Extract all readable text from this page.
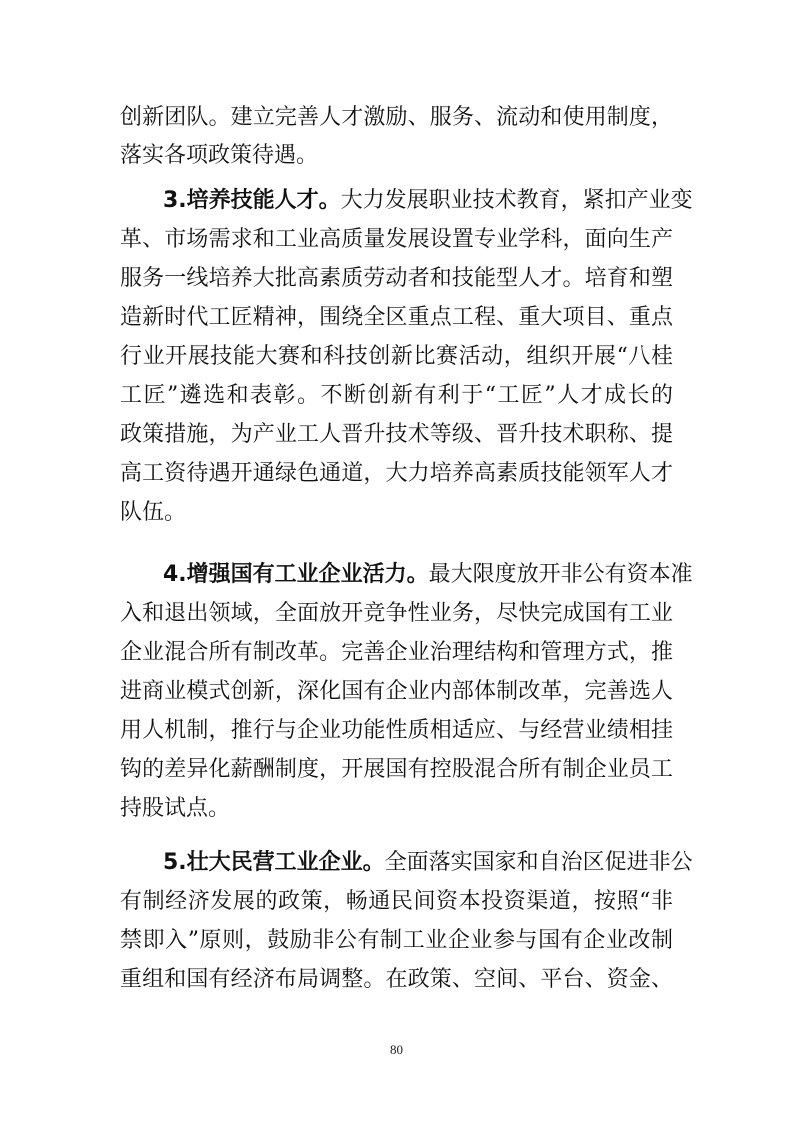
创新团队。建立完善人才激励、服务、流动和使用制度，
落实各项政策待遇。
3.培养技能人才。大力发展职业技术教育，紧扣产业变
革、市场需求和工业高质量发展设置专业学科，面向生产
服务一线培养大批高素质劳动者和技能型人才。培育和塑
造新时代工匠精神，围绕全区重点工程、重大项目、重点
行业开展技能大赛和科技创新比赛活动，组织开展“八桂
工匠”遴选和表彰。不断创新有利于“工匠”人才成长的
政策措施，为产业工人晋升技术等级、晋升技术职称、提
高工资待遇开通绿色通道，大力培养高素质技能领军人才
队伍。
4.增强国有工业企业活力。最大限度放开非公有资本准
入和退出领域，全面放开竞争性业务，尽快完成国有工业
企业混合所有制改革。完善企业治理结构和管理方式，推
进商业模式创新，深化国有企业内部体制改革，完善选人
用人机制，推行与企业功能性质相适应、与经营业绩相挂
钩的差异化薪酬制度，开展国有控股混合所有制企业员工
持股试点。
5.壮大民营工业企业。全面落实国家和自治区促进非公
有制经济发展的政策，畅通民间资本投资渠道，按照“非
禁即入”原则，鼓励非公有制工业企业参与国有企业改制
重组和国有经济布局调整。在政策、空间、平台、资金、
80
